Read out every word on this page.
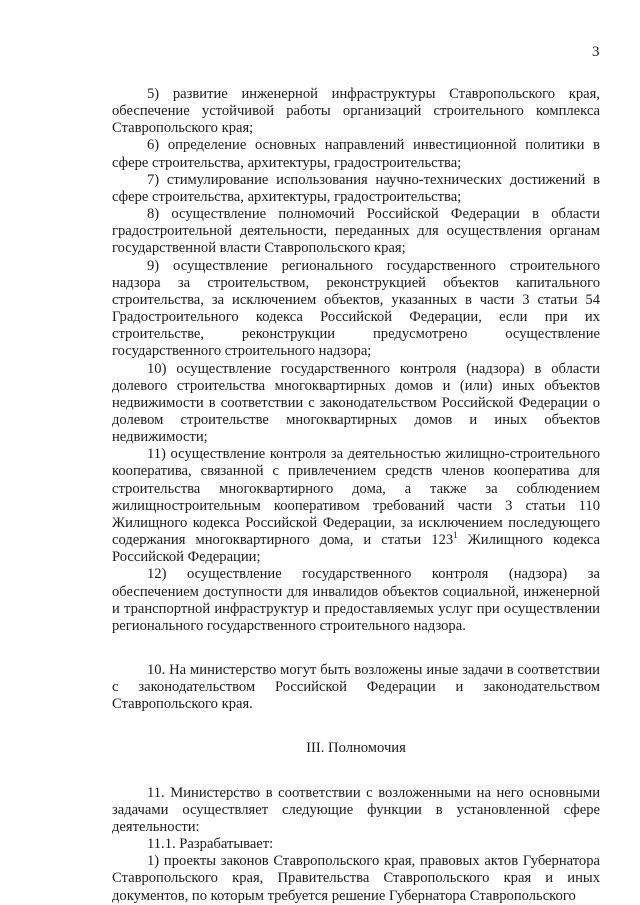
3

5) развитие инженерной инфраструктуры Ставропольского края, обеспечение устойчивой работы организаций строительного комплекса Ставропольского края;

6) определение основных направлений инвестиционной политики в сфере строительства, архитектуры, градостроительства;

7) стимулирование использования научно-технических достижений в сфере строительства, архитектуры, градостроительства;

8) осуществление полномочий Российской Федерации в области градостроительной деятельности, переданных для осуществления органам государственной власти Ставропольского края;

9) осуществление регионального государственного строительного надзора за строительством, реконструкцией объектов капитального строительства, за исключением объектов, указанных в части 3 статьи 54 Градостроительного кодекса Российской Федерации, если при их строительстве, реконструкции предусмотрено осуществление государственного строительного надзора;

10) осуществление государственного контроля (надзора) в области долевого строительства многоквартирных домов и (или) иных объектов недвижимости в соответствии с законодательством Российской Федерации о долевом строительстве многоквартирных домов и иных объектов недвижимости;

11) осуществление контроля за деятельностью жилищно-строительного кооператива, связанной с привлечением средств членов кооператива для строительства многоквартирного дома, а также за соблюдением жилищностроительным кооперативом требований части 3 статьи 110 Жилищного кодекса Российской Федерации, за исключением последующего содержания многоквартирного дома, и статьи $123^1$ Жилищного кодекса Российской Федерации;

12) осуществление государственного контроля (надзора) за обеспечением доступности для инвалидов объектов социальной, инженерной и транспортной инфраструктур и предоставляемых услуг при осуществлении регионального государственного строительного надзора.

10. На министерство могут быть возложены иные задачи в соответствии с законодательством Российской Федерации и законодательством Ставропольского края.

III. Полномочия

11. Министерство в соответствии с возложенными на него основными задачами осуществляет следующие функции в установленной сфере деятельности:

11.1. Разрабатывает:

1) проекты законов Ставропольского края, правовых актов Губернатора Ставропольского края, Правительства Ставропольского края и иных документов, по которым требуется решение Губернатора Ставропольского
